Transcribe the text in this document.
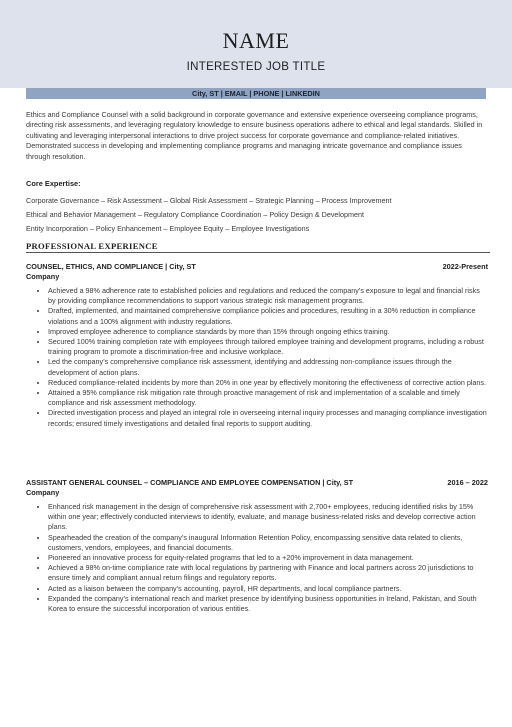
NAME
INTERESTED JOB TITLE
City, ST | EMAIL | PHONE | LINKEDIN
Ethics and Compliance Counsel with a solid background in corporate governance and extensive experience overseeing compliance programs, directing risk assessments, and leveraging regulatory knowledge to ensure business operations adhere to ethical and legal standards. Skilled in cultivating and leveraging interpersonal interactions to drive project success for corporate governance and compliance-related initiatives. Demonstrated success in developing and implementing compliance programs and managing intricate governance and compliance issues through resolution.
Core Expertise:
Corporate Governance – Risk Assessment – Global Risk Assessment – Strategic Planning – Process Improvement
Ethical and Behavior Management – Regulatory Compliance Coordination – Policy Design & Development
Entity Incorporation – Policy Enhancement – Employee Equity – Employee Investigations
PROFESSIONAL EXPERIENCE
COUNSEL, ETHICS, AND COMPLIANCE | City, ST	2022-Present
Company
• Achieved a 98% adherence rate to established policies and regulations and reduced the company’s exposure to legal and financial risks by providing compliance recommendations to support various strategic risk management programs.
• Drafted, implemented, and maintained comprehensive compliance policies and procedures, resulting in a 30% reduction in compliance violations and a 100% alignment with industry regulations.
• Improved employee adherence to compliance standards by more than 15% through ongoing ethics training.
• Secured 100% training completion rate with employees through tailored employee training and development programs, including a robust training program to promote a discrimination-free and inclusive workplace.
• Led the company’s comprehensive compliance risk assessment, identifying and addressing non-compliance issues through the development of action plans.
• Reduced compliance-related incidents by more than 20% in one year by effectively monitoring the effectiveness of corrective action plans.
• Attained a 95% compliance risk mitigation rate through proactive management of risk and implementation of a scalable and timely compliance and risk assessment methodology.
• Directed investigation process and played an integral role in overseeing internal inquiry processes and managing compliance investigation records; ensured timely investigations and detailed final reports to support auditing.
ASSISTANT GENERAL COUNSEL – COMPLIANCE AND EMPLOYEE COMPENSATION | City, ST	2016 – 2022
Company
• Enhanced risk management in the design of comprehensive risk assessment with 2,700+ employees, reducing identified risks by 15% within one year; effectively conducted interviews to identify, evaluate, and manage business-related risks and develop corrective action plans.
• Spearheaded the creation of the company’s inaugural Information Retention Policy, encompassing sensitive data related to clients, customers, vendors, employees, and financial documents.
• Pioneered an innovative process for equity-related programs that led to a +20% improvement in data management.
• Achieved a 98% on-time compliance rate with local regulations by partnering with Finance and local partners across 20 jurisdictions to ensure timely and compliant annual return filings and regulatory reports.
• Acted as a liaison between the company’s accounting, payroll, HR departments, and local compliance partners.
• Expanded the company’s international reach and market presence by identifying business opportunities in Ireland, Pakistan, and South Korea to ensure the successful incorporation of various entities.
